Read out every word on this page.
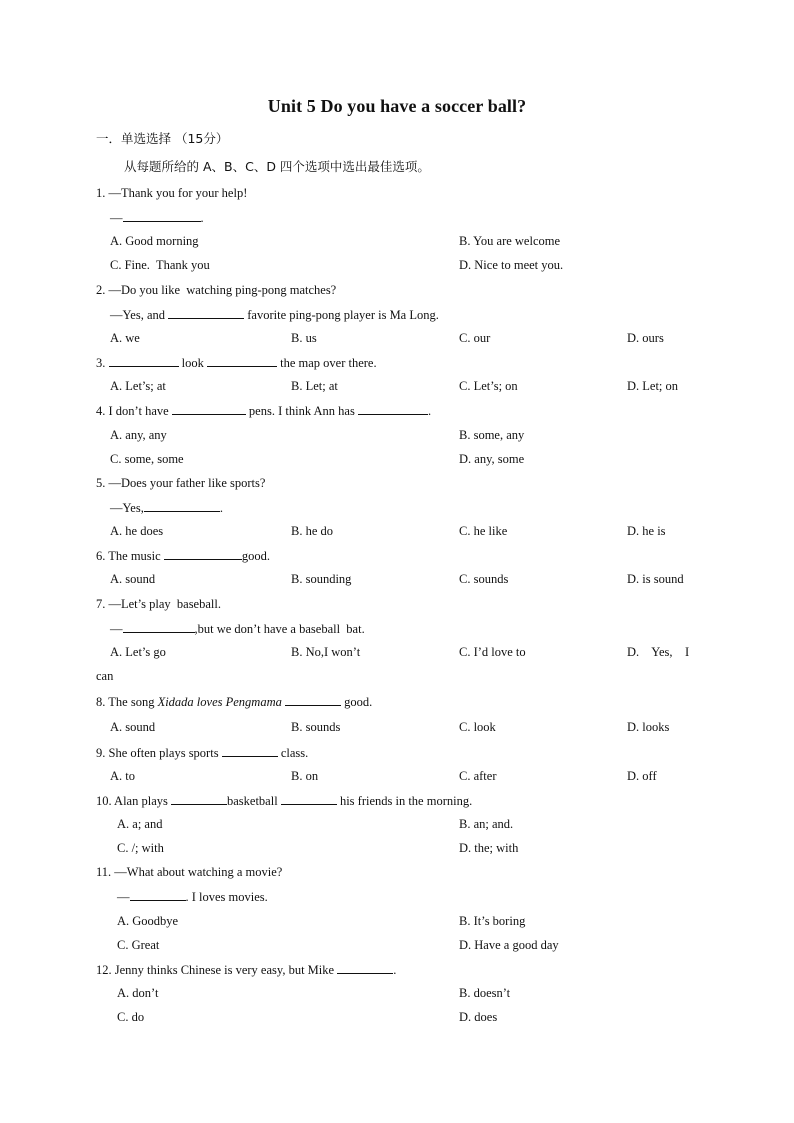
Unit 5 Do you have a soccer ball?
一．单选选择 （15分）
从每题所给的 A、B、C、D 四个选项中选出最佳选项。
1. —Thank you for your help!
—	.
A. Good morning	B. You are welcome
C. Fine.  Thank you	D. Nice to meet you.
2. —Do you like  watching ping-pong matches?
—Yes, and	favorite ping-pong player is Ma Long.
A. we	B. us	C. our	D. ours
3.	look	the map over there.
A. Let’s; at	B. Let; at	C. Let’s; on	D. Let; on
4. I don’t have	pens. I think Ann has	.
A. any, any	B. some, any
C. some, some	D. any, some
5. —Does your father like sports?
—Yes,	.
A. he does	B. he do	C. he like	D. he is
6. The music	good.
A. sound	B. sounding	C. sounds	D. is sound
7. —Let’s play  baseball.
—	,but we don’t have a baseball  bat.
A. Let’s go	B. No,I won’t	C. I’d love to	D.    Yes,    I
can
8. The song Xidada loves Pengmama	good.
A. sound	B. sounds	C. look	D. looks
9. She often plays sports	class.
A. to	B. on	C. after	D. off
10. Alan plays	basketball	his friends in the morning.
A. a; and	B. an; and.
C. /; with	D. the; with
11. —What about watching a movie?
—	. I loves movies.
A. Goodbye	B. It’s boring
C. Great	D. Have a good day
12. Jenny thinks Chinese is very easy, but Mike	.
A. don’t	B. doesn’t
C. do	D. does
